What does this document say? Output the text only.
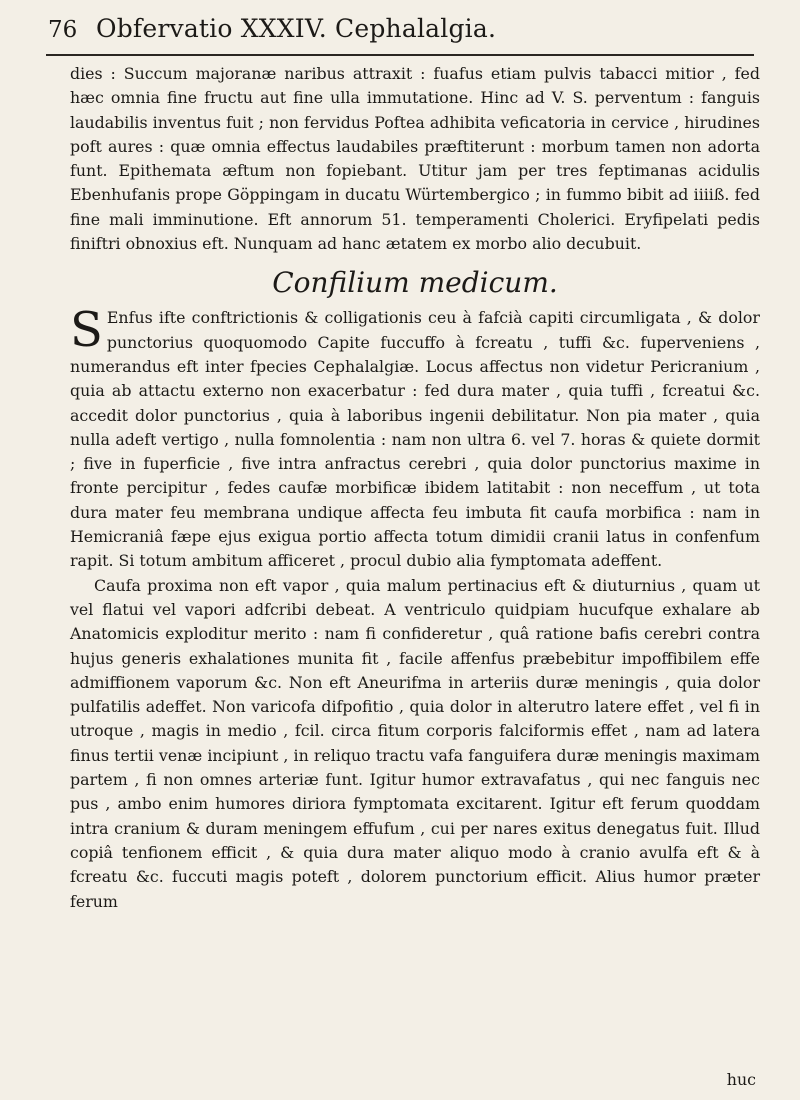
76 Obfervatio XXXIV. Cephalalgia.

dies : Succum majoranæ naribus attraxit : fuafus etiam pulvis tabacci mitior , fed hæc omnia fine fructu aut fine ulla immutatione. Hinc ad V. S. perventum : fanguis laudabilis inventus fuit ; non fervidus Poftea adhibita veficatoria in cervice , hirudines poft aures : quæ omnia effectus laudabiles præftiterunt : morbum tamen non adorta funt. Epithemata æftum non fopiebant. Utitur jam per tres feptimanas acidulis Ebenhufanis prope Göppingam in ducatu Würtembergico ; in fummo bibit ad iiiiß. fed fine mali imminutione. Eft annorum 51. temperamenti Cholerici. Eryfipelati pedis finiftri obnoxius eft. Nunquam ad hanc ætatem ex morbo alio decubuit.

Confilium medicum.

S Enfus ifte conftrictionis & colligationis ceu à fafcià capiti circumligata , & dolor punctorius quoquomodo Capite fuccuffo à fcreatu , tuffi &c. fuperveniens , numerandus eft inter fpecies Cephalalgiæ. Locus affectus non videtur Pericranium , quia ab attactu externo non exacerbatur : fed dura mater , quia tuffi , fcreatui &c. accedit dolor punctorius , quia à laboribus ingenii debilitatur. Non pia mater , quia nulla adeft vertigo , nulla fomnolentia : nam non ultra 6. vel 7. horas & quiete dormit ; five in fuperficie , five intra anfractus cerebri , quia dolor punctorius maxime in fronte percipitur , fedes caufæ morbificæ ibidem latitabit : non neceffum , ut tota dura mater feu membrana undique affecta feu imbuta fit caufa morbifica : nam in Hemicraniâ fæpe ejus exigua portio affecta totum dimidii cranii latus in confenfum rapit. Si totum ambitum afficeret , procul dubio alia fymptomata adeffent.

Caufa proxima non eft vapor , quia malum pertinacius eft & diuturnius , quam ut vel flatui vel vapori adfcribi debeat. A ventriculo quidpiam hucufque exhalare ab Anatomicis exploditur merito : nam fi confideretur , quâ ratione bafis cerebri contra hujus generis exhalationes munita fit , facile affenfus præbebitur impoffibilem effe admiffionem vaporum &c. Non eft Aneurifma in arteriis duræ meningis , quia dolor pulfatilis adeffet. Non varicofa difpofitio , quia dolor in alterutro latere effet , vel fi in utroque , magis in medio , fcil. circa fitum corporis falciformis effet , nam ad latera finus tertii venæ incipiunt , in reliquo tractu vafa fanguifera duræ meningis maximam partem , fi non omnes arteriæ funt. Igitur humor extravafatus , qui nec fanguis nec pus , ambo enim humores diriora fymptomata excitarent. Igitur eft ferum quoddam intra cranium & duram meningem effufum , cui per nares exitus denegatus fuit. Illud copiâ tenfionem efficit , & quia dura mater aliquo modo à cranio avulfa eft & à fcreatu &c. fuccuti magis poteft , dolorem punctorium efficit. Alius humor præter ferum

huc
